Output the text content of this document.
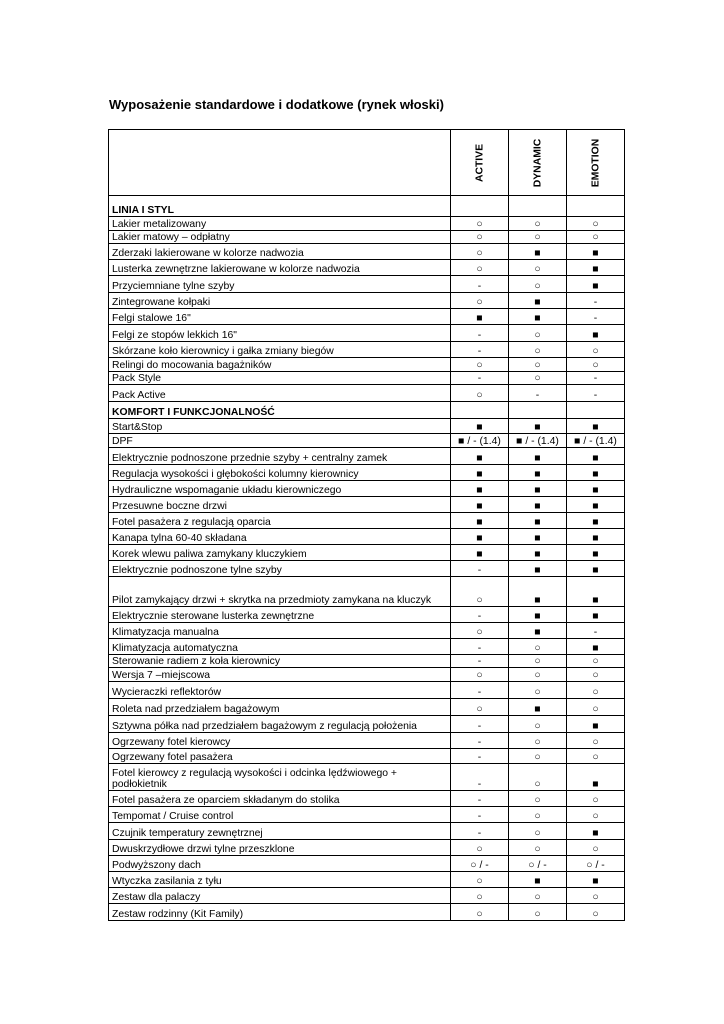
Wyposażenie standardowe i dodatkowe (rynek włoski)

	ACTIVE	DYNAMIC	EMOTION

LINIA I STYL			
Lakier metalizowany	○	○	○
Lakier matowy – odpłatny	○	○	○
Zderzaki lakierowane w kolorze nadwozia	○	■	■
Lusterka zewnętrzne lakierowane w kolorze nadwozia	○	○	■
Przyciemniane tylne szyby	-	○	■
Zintegrowane kołpaki	○	■	-
Felgi stalowe 16"	■	■	-
Felgi ze stopów lekkich 16"	-	○	■
Skórzane koło kierownicy i gałka zmiany biegów	-	○	○
Relingi do mocowania bagażników	○	○	○
Pack Style	-	○	-
Pack Active	○	-	-
KOMFORT I FUNKCJONALNOŚĆ			
Start&Stop	■	■	■
DPF	■ / - (1.4)	■ / - (1.4)	■ / - (1.4)
Elektrycznie podnoszone przednie szyby + centralny zamek	■	■	■
Regulacja wysokości i głębokości kolumny kierownicy	■	■	■
Hydrauliczne wspomaganie układu kierowniczego	■	■	■
Przesuwne boczne drzwi	■	■	■
Fotel pasażera z regulacją oparcia	■	■	■
Kanapa tylna 60-40 składana	■	■	■
Korek wlewu paliwa zamykany kluczykiem	■	■	■
Elektrycznie podnoszone tylne szyby	-	■	■
Pilot zamykający drzwi + skrytka na przedmioty zamykana na kluczyk	○	■	■
Elektrycznie sterowane lusterka zewnętrzne	-	■	■
Klimatyzacja manualna	○	■	-
Klimatyzacja automatyczna	-	○	■
Sterowanie radiem z koła kierownicy	-	○	○
Wersja 7 –miejscowa	○	○	○
Wycieraczki reflektorów	-	○	○
Roleta nad przedziałem bagażowym	○	■	○
Sztywna półka nad przedziałem bagażowym z regulacją położenia	-	○	■
Ogrzewany fotel kierowcy	-	○	○
Ogrzewany fotel pasażera	-	○	○
Fotel kierowcy z regulacją wysokości i odcinka lędźwiowego + podłokietnik	-	○	■
Fotel pasażera ze oparciem składanym do stolika	-	○	○
Tempomat / Cruise control	-	○	○
Czujnik temperatury zewnętrznej	-	○	■
Dwuskrzydłowe drzwi tylne przeszklone	○	○	○
Podwyższony dach	○ / -	○ / -	○ / -
Wtyczka zasilania z tyłu	○	■	■
Zestaw dla palaczy	○	○	○
Zestaw rodzinny (Kit Family)	○	○	○
